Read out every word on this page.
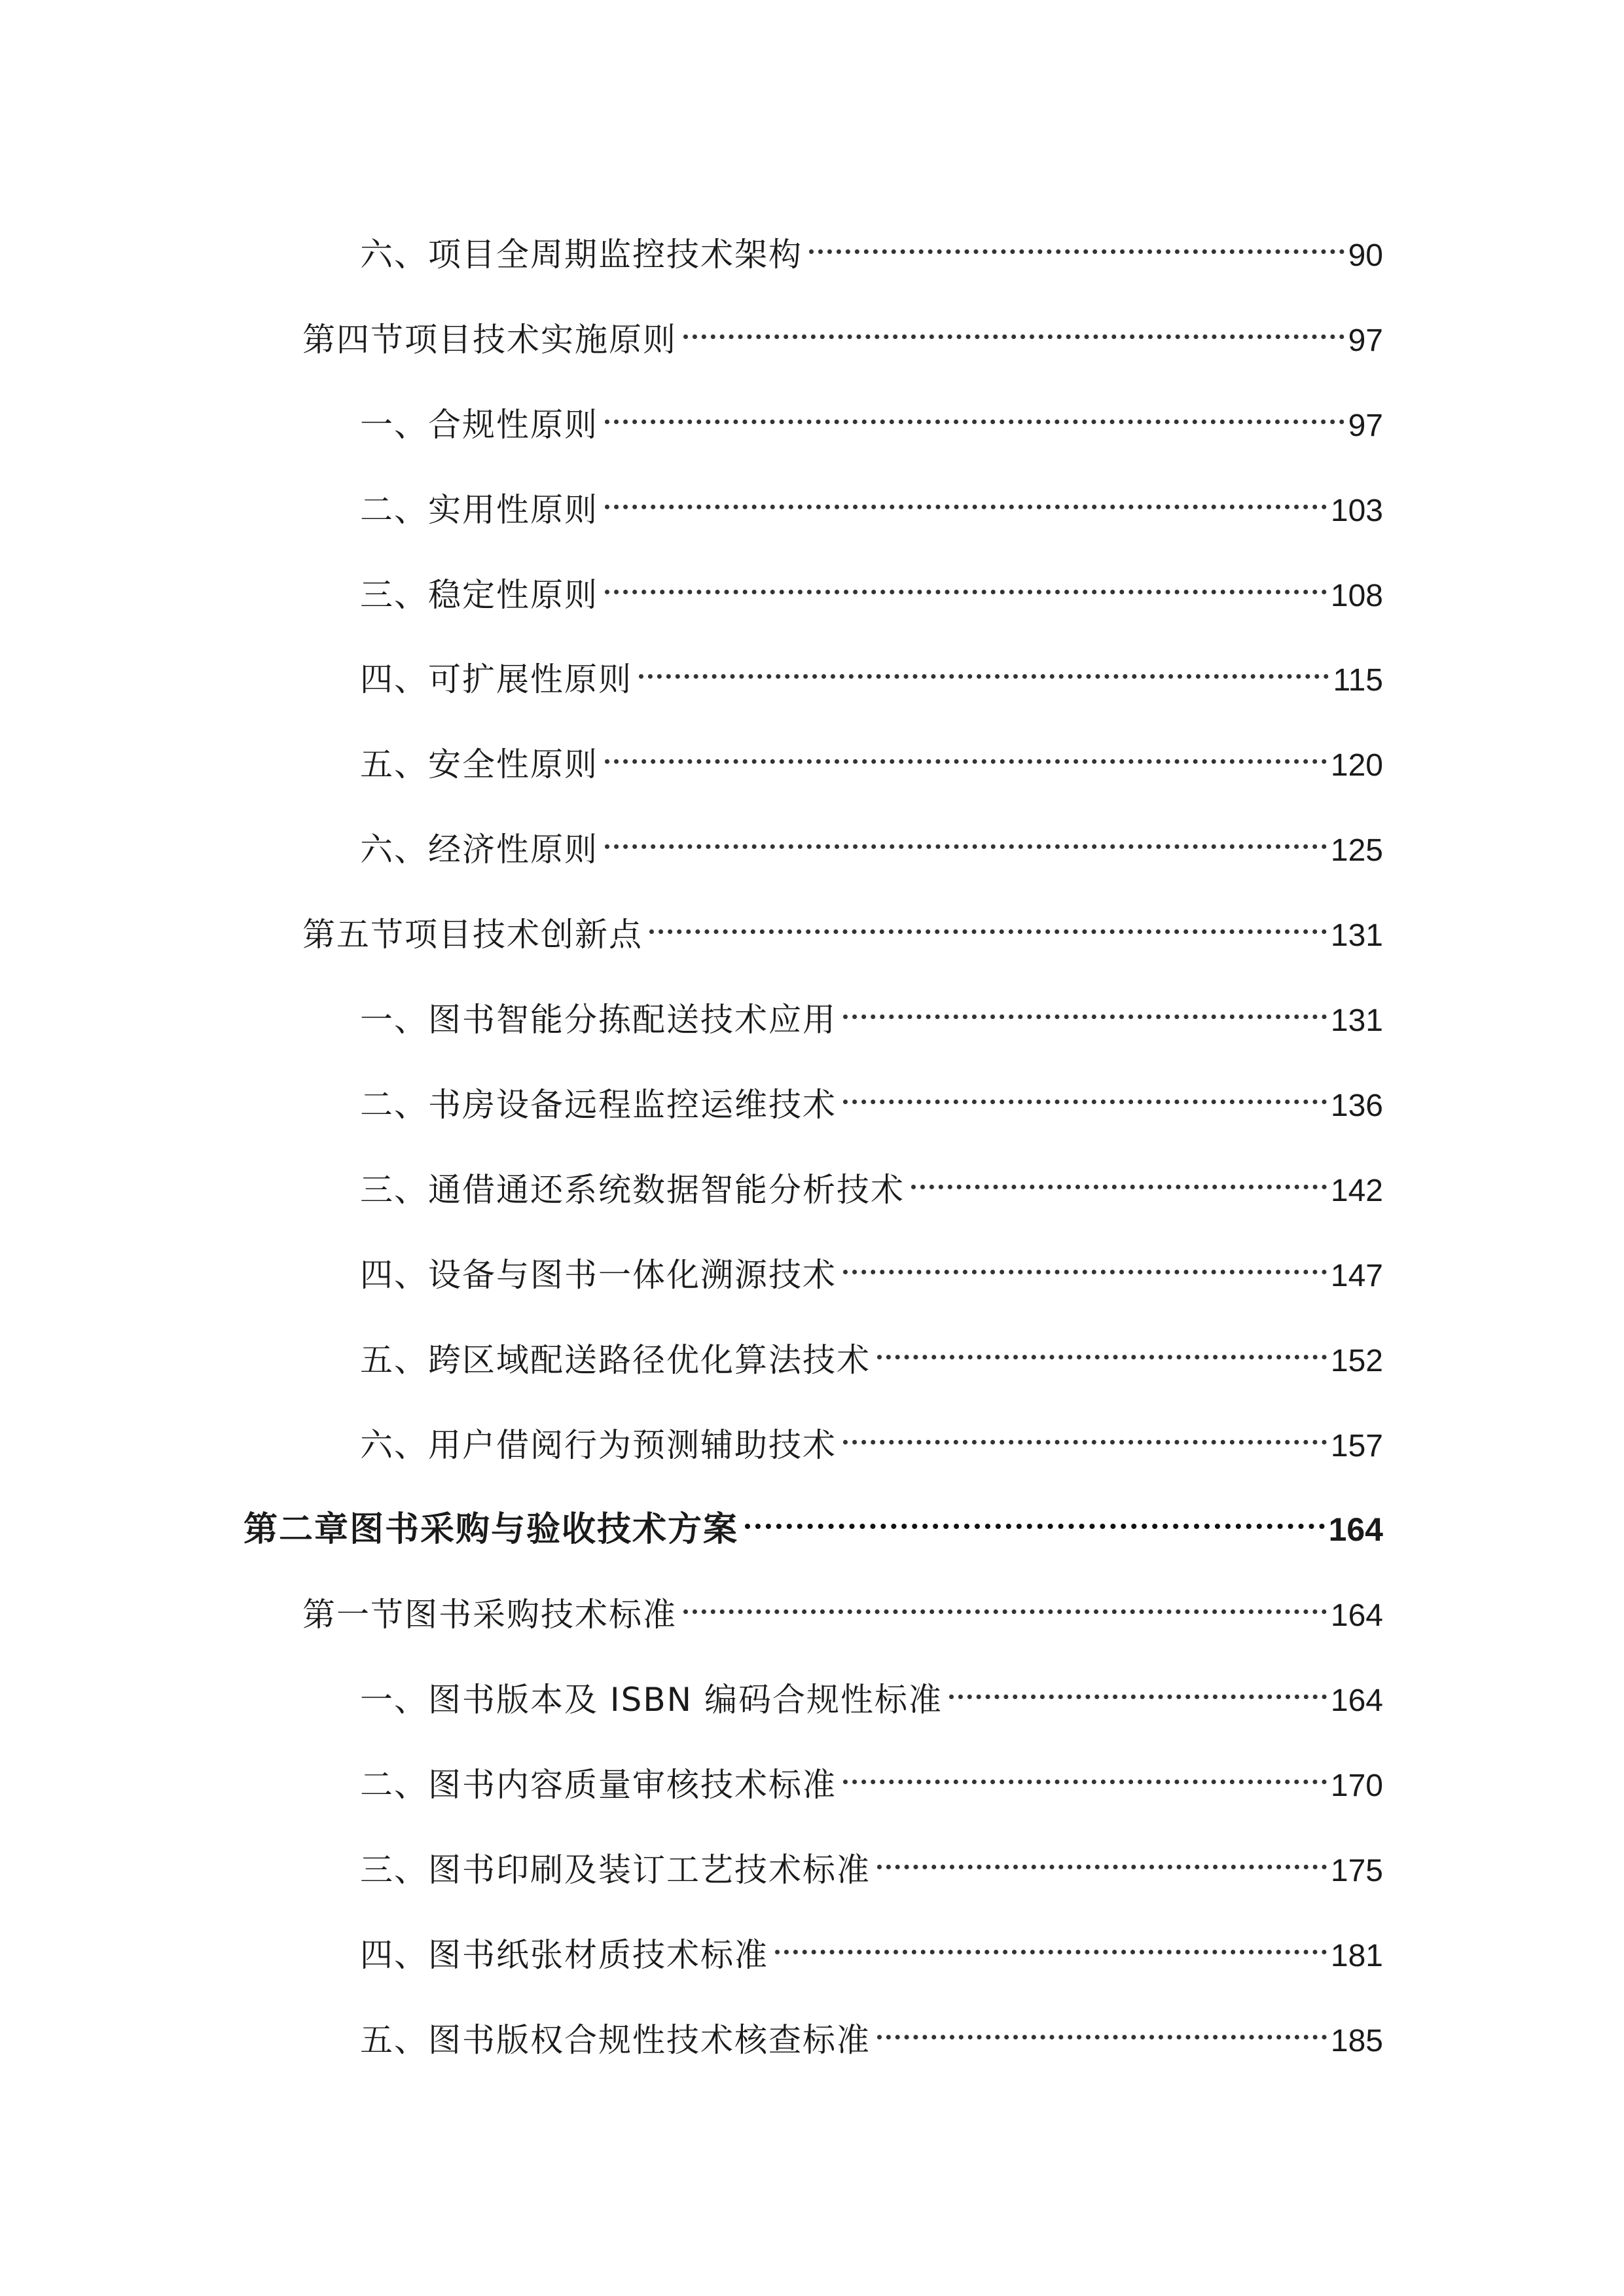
六、项目全周期监控技术架构	90
第四节项目技术实施原则	97
一、合规性原则	97
二、实用性原则	103
三、稳定性原则	108
四、可扩展性原则	115
五、安全性原则	120
六、经济性原则	125
第五节项目技术创新点	131
一、图书智能分拣配送技术应用	131
二、书房设备远程监控运维技术	136
三、通借通还系统数据智能分析技术	142
四、设备与图书一体化溯源技术	147
五、跨区域配送路径优化算法技术	152
六、用户借阅行为预测辅助技术	157
第二章图书采购与验收技术方案	164
第一节图书采购技术标准	164
一、图书版本及 ISBN 编码合规性标准	164
二、图书内容质量审核技术标准	170
三、图书印刷及装订工艺技术标准	175
四、图书纸张材质技术标准	181
五、图书版权合规性技术核查标准	185
